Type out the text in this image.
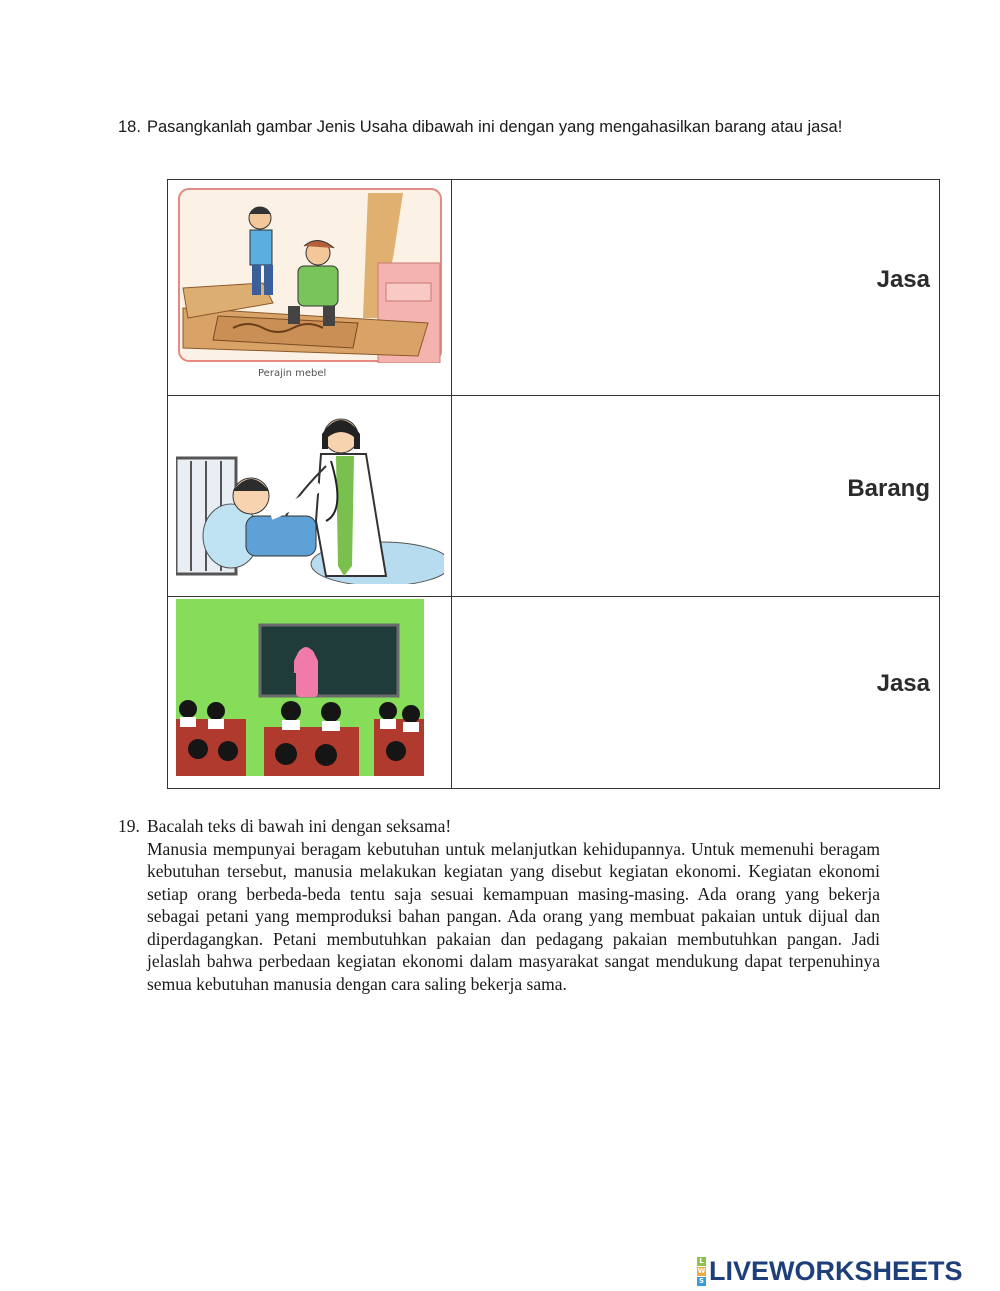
18. Pasangkanlah gambar Jenis Usaha dibawah ini dengan yang mengahasilkan barang atau jasa!
Perajin mebel	Jasa

Barang

Jasa
19. Bacalah teks di bawah ini dengan seksama!
Manusia mempunyai beragam kebutuhan untuk melanjutkan kehidupannya. Untuk memenuhi beragam kebutuhan tersebut, manusia melakukan kegiatan yang disebut kegiatan ekonomi. Kegiatan ekonomi setiap orang berbeda-beda tentu saja sesuai kemampuan masing-masing. Ada orang yang bekerja sebagai petani yang memproduksi bahan pangan. Ada orang yang membuat pakaian untuk dijual dan diperdagangkan. Petani membutuhkan pakaian dan pedagang pakaian membutuhkan pangan. Jadi jelaslah bahwa perbedaan kegiatan ekonomi dalam masyarakat sangat mendukung dapat terpenuhinya semua kebutuhan manusia dengan cara saling bekerja sama.
L
W
S LIVEWORKSHEETS
